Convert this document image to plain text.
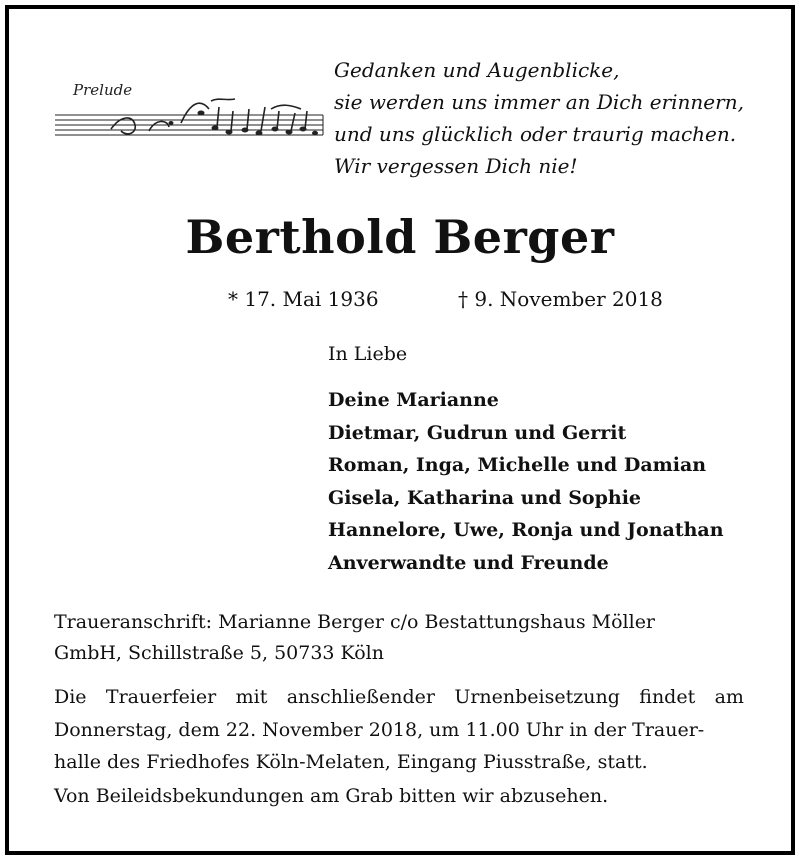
Prelude
Gedanken und Augenblicke,
sie werden uns immer an Dich erinnern,
und uns glücklich oder traurig machen.
Wir vergessen Dich nie!
Berthold Berger
* 17. Mai 1936	† 9. November 2018
In Liebe
Deine Marianne
Dietmar, Gudrun und Gerrit
Roman, Inga, Michelle und Damian
Gisela, Katharina und Sophie
Hannelore, Uwe, Ronja und Jonathan
Anverwandte und Freunde
Traueranschrift: Marianne Berger c/o Bestattungshaus Möller
GmbH, Schillstraße 5, 50733 Köln
Die Trauerfeier mit anschließender Urnenbeisetzung findet am
Donnerstag, dem 22. November 2018, um 11.00 Uhr in der Trauer-
halle des Friedhofes Köln-Melaten, Eingang Piusstraße, statt.
Von Beileidsbekundungen am Grab bitten wir abzusehen.
